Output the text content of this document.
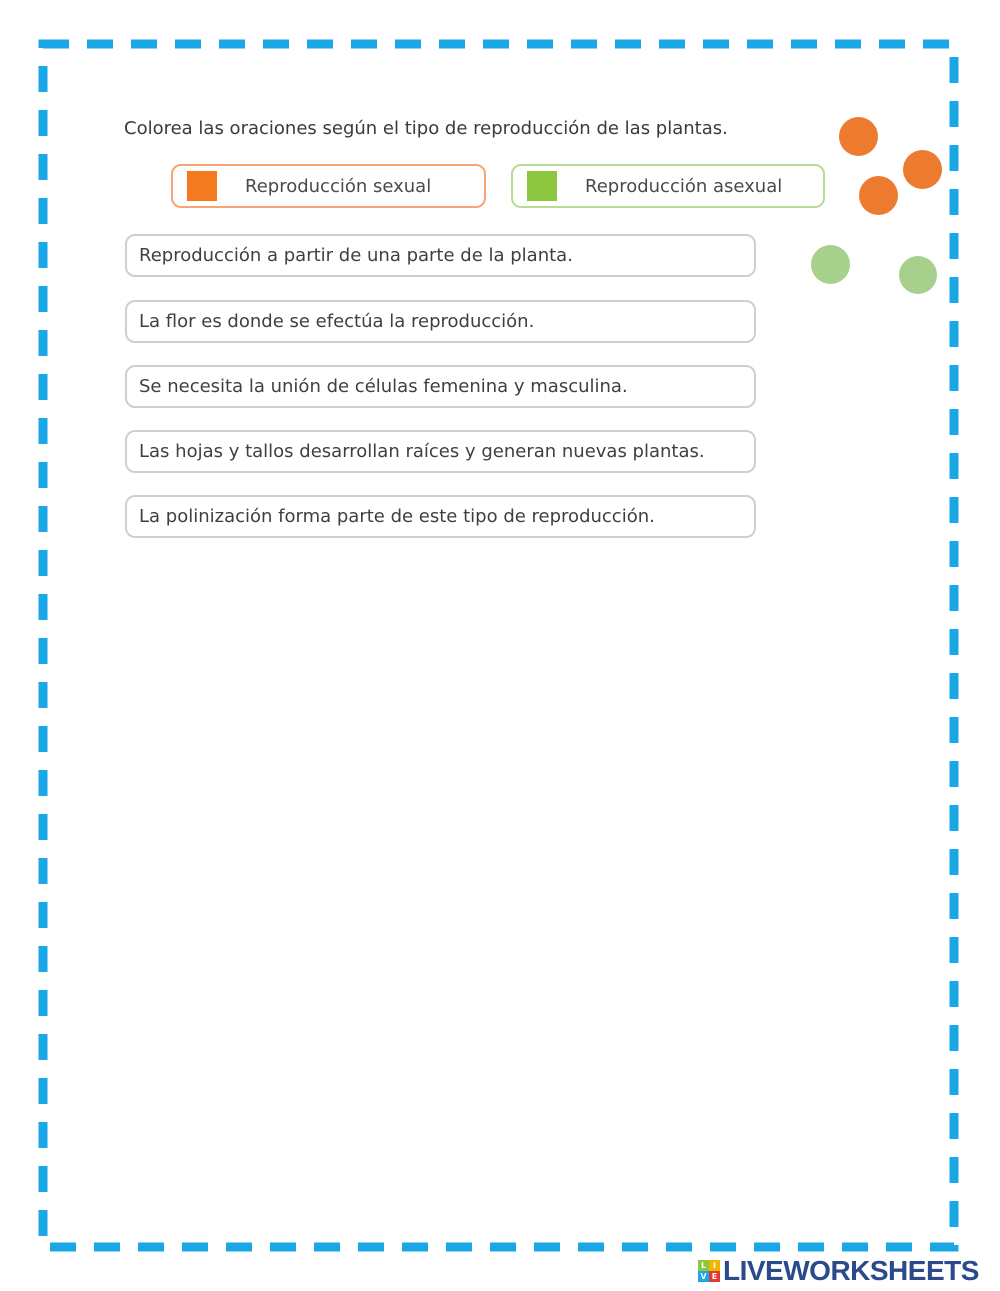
Colorea las oraciones según el tipo de reproducción de las plantas.
Reproducción sexual	Reproducción asexual
Reproducción a partir de una parte de la planta.
La flor es donde se efectúa la reproducción.
Se necesita la unión de células femenina y masculina.
Las hojas y tallos desarrollan raíces y generan nuevas plantas.
La polinización forma parte de este tipo de reproducción.
L I
V E LIVEWORKSHEETS
